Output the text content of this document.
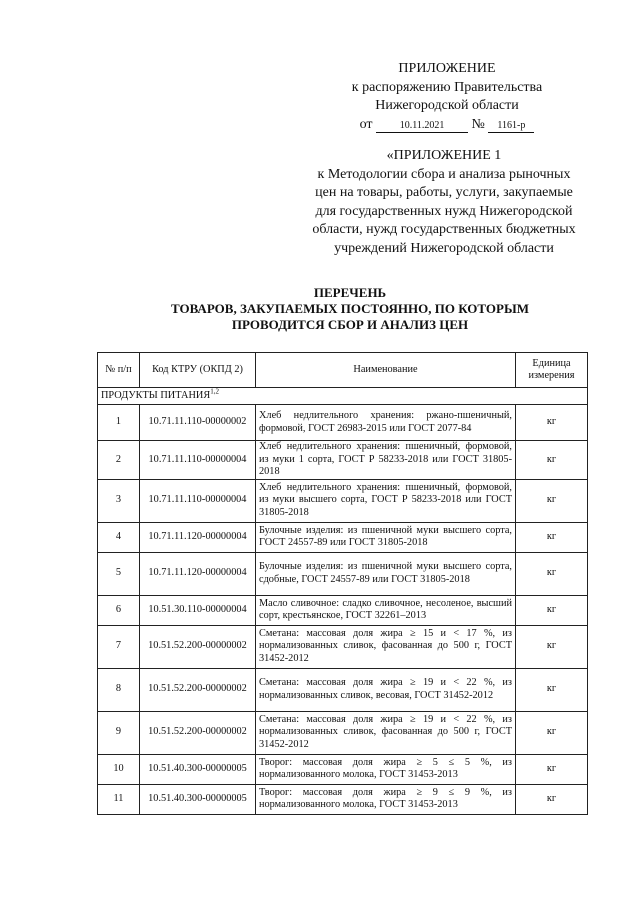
ПРИЛОЖЕНИЕ
к распоряжению Правительства
Нижегородской области
от	10.11.2021 № 1161-р
«ПРИЛОЖЕНИЕ 1
к Методологии сбора и анализа рыночных
цен на товары, работы, услуги, закупаемые
для государственных нужд Нижегородской
области, нужд государственных бюджетных
учреждений Нижегородской области
ПЕРЕЧЕНЬ
ТОВАРОВ, ЗАКУПАЕМЫХ ПОСТОЯННО, ПО КОТОРЫМ
ПРОВОДИТСЯ СБОР И АНАЛИЗ ЦЕН
№ п/п	Код КТРУ (ОКПД 2)	Наименование	Единица измерения
ПРОДУКТЫ ПИТАНИЯ$^{1,2}$
1	10.71.11.110-00000002	Хлеб недлительного хранения: ржано-пшеничный, формовой, ГОСТ 26983-2015 или ГОСТ 2077-84	кг
2	10.71.11.110-00000004	Хлеб недлительного хранения: пшеничный, формовой, из муки 1 сорта, ГОСТ Р 58233-2018 или ГОСТ 31805-2018	кг
3	10.71.11.110-00000004	Хлеб недлительного хранения: пшеничный, формовой, из муки высшего сорта, ГОСТ Р 58233-2018 или ГОСТ 31805-2018	кг
4	10.71.11.120-00000004	Булочные изделия: из пшеничной муки высшего сорта, ГОСТ 24557-89 или ГОСТ 31805-2018	кг
5	10.71.11.120-00000004	Булочные изделия: из пшеничной муки высшего сорта, сдобные, ГОСТ 24557-89 или ГОСТ 31805-2018	кг
6	10.51.30.110-00000004	Масло сливочное: сладко сливочное, несоленое, высший сорт, крестьянское, ГОСТ 32261–2013	кг
7	10.51.52.200-00000002	Сметана: массовая доля жира ≥ 15 и < 17 %, из нормализованных сливок, фасованная до 500 г, ГОСТ 31452-2012	кг
8	10.51.52.200-00000002	Сметана: массовая доля жира ≥ 19 и < 22 %, из нормализованных сливок, весовая, ГОСТ 31452-2012	кг
9	10.51.52.200-00000002	Сметана: массовая доля жира ≥ 19 и < 22 %, из нормализованных сливок, фасованная до 500 г, ГОСТ 31452-2012	кг
10	10.51.40.300-00000005	Творог: массовая доля жира ≥ 5 ≤ 5 %, из нормализованного молока, ГОСТ 31453-2013	кг
11	10.51.40.300-00000005	Творог: массовая доля жира ≥ 9 ≤ 9 %, из нормализованного молока, ГОСТ 31453-2013	кг
